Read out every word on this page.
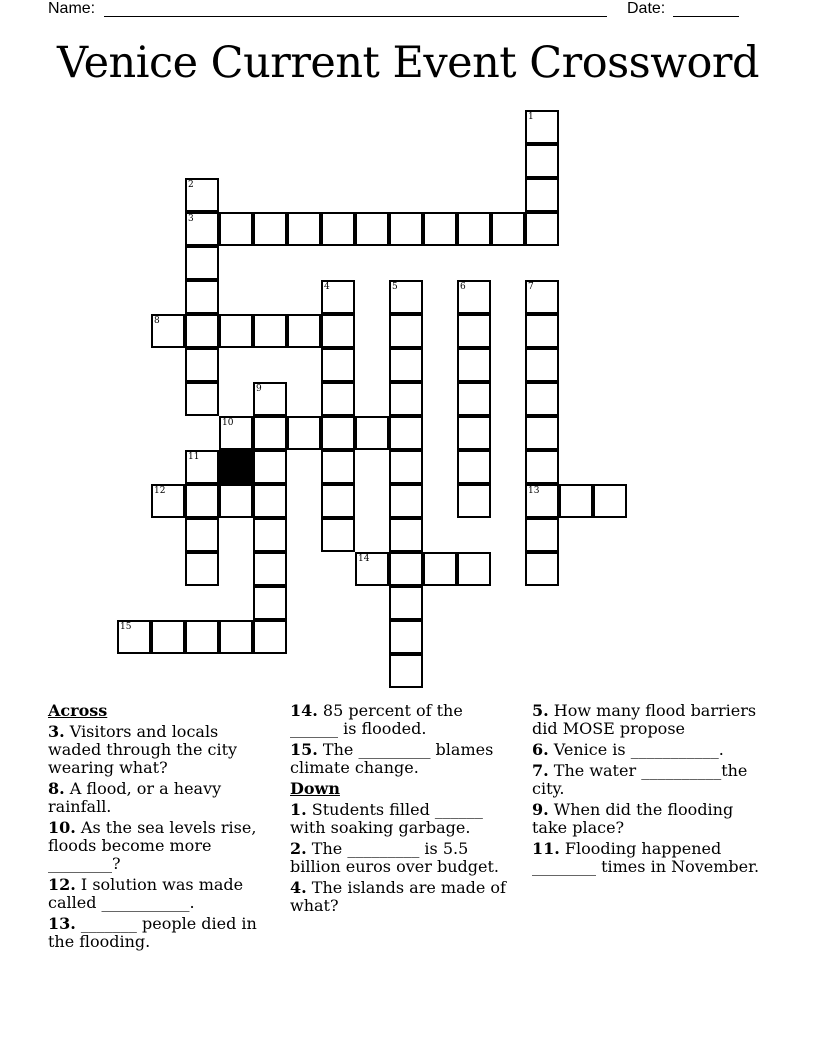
Name:	Date:
Venice Current Event Crossword
1
2
3
4	5	6	7
8
9
10
11
12	13
14
15
Across
3. Visitors and locals waded through the city wearing what?
8. A flood, or a heavy rainfall.
10. As the sea levels rise, floods become more ________?
12. I solution was made called ___________.
13. _______ people died in the flooding.
14. 85 percent of the ______ is flooded.
15. The _________ blames climate change.
Down
1. Students filled ______ with soaking garbage.
2. The _________ is 5.5 billion euros over budget.
4. The islands are made of what?
5. How many flood barriers did MOSE propose
6. Venice is ___________.
7. The water __________the city.
9. When did the flooding take place?
11. Flooding happened ________ times in November.
